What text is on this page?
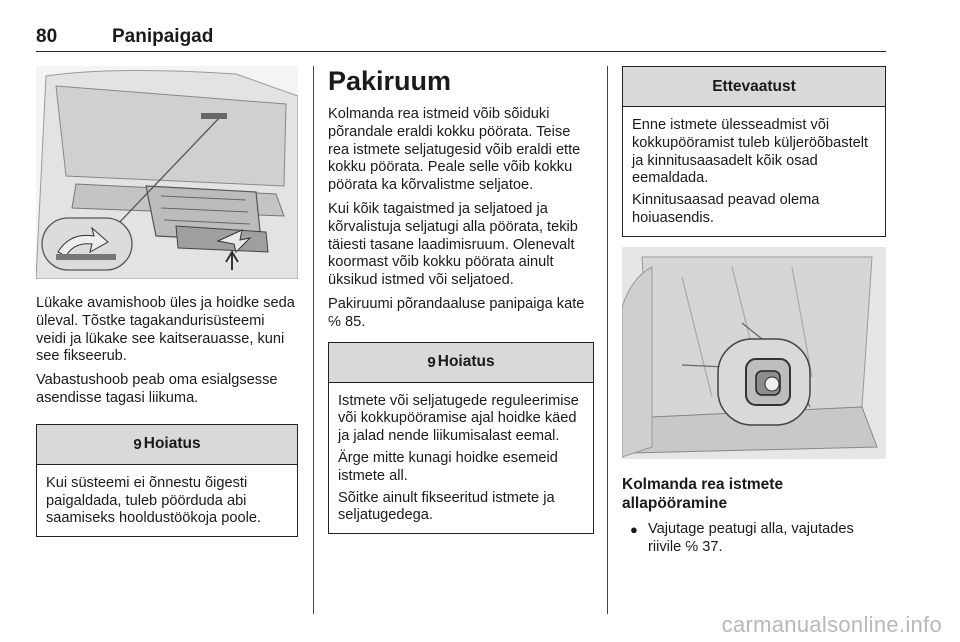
80	Panipaigad

Lükake avamishoob üles ja hoidke seda üleval. Tõstke tagakandurisüsteemi veidi ja lükake see kaitserauasse, kuni see fikseerub.

Vabastushoob peab oma esialgsesse asendisse tagasi liikuma.

9 Hoiatus

Kui süsteemi ei õnnestu õigesti paigaldada, tuleb pöörduda abi saamiseks hooldustöökoja poole.

Pakiruum

Kolmanda rea istmeid võib sõiduki põrandale eraldi kokku pöörata. Teise rea istmete seljatugesid võib eraldi ette kokku pöörata. Peale selle võib kokku pöörata ka kõrvalistme seljatoe.

Kui kõik tagaistmed ja seljatoed ja kõrvalistuja seljatugi alla pöörata, tekib täiesti tasane laadimisruum. Olenevalt koormast võib kokku pöörata ainult üksikud istmed või seljatoed.

Pakiruumi põrandaaluse panipaiga kate ℅ 85.

9 Hoiatus

Istmete või seljatugede reguleerimise või kokkupööramise ajal hoidke käed ja jalad nende liikumisalast eemal.

Ärge mitte kunagi hoidke esemeid istmete all.

Sõitke ainult fikseeritud istmete ja seljatugedega.

Ettevaatust

Enne istmete ülesseadmist või kokkupööramist tuleb küljeröõbastelt ja kinnitusaasadelt kõik osad eemaldada.

Kinnitusaasad peavad olema hoiuasendis.

Kolmanda rea istmete allapööramine
● Vajutage peatugi alla, vajutades riivile ℅ 37.
carmanualsonline.info
